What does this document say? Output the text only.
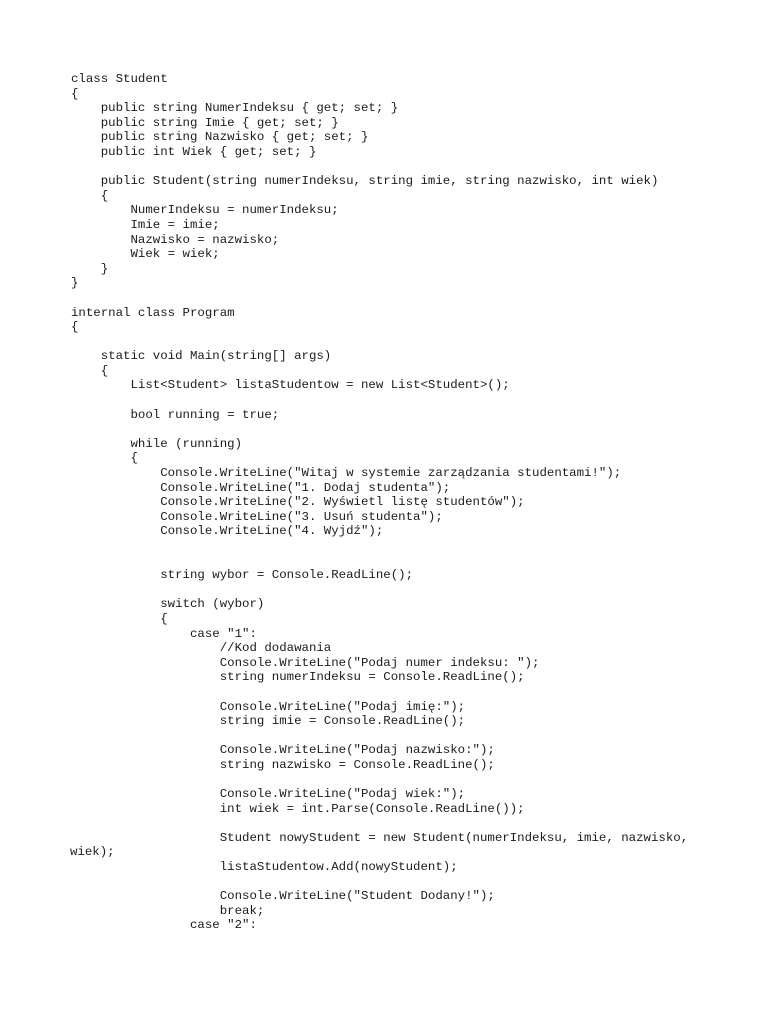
class Student
{
public string NumerIndeksu { get; set; }
public string Imie { get; set; }
public string Nazwisko { get; set; }
public int Wiek { get; set; }
public Student(string numerIndeksu, string imie, string nazwisko, int wiek)
{
NumerIndeksu = numerIndeksu;
Imie = imie;
Nazwisko = nazwisko;
Wiek = wiek;
}
}
internal class Program
{
static void Main(string[] args)
{
List<Student> listaStudentow = new List<Student>();
bool running = true;
while (running)
{
Console.WriteLine("Witaj w systemie zarządzania studentami!");
Console.WriteLine("1. Dodaj studenta");
Console.WriteLine("2. Wyświetl listę studentów");
Console.WriteLine("3. Usuń studenta");
Console.WriteLine("4. Wyjdź");
string wybor = Console.ReadLine();
switch (wybor)
{
case "1":
//Kod dodawania
Console.WriteLine("Podaj numer indeksu: ");
string numerIndeksu = Console.ReadLine();
Console.WriteLine("Podaj imię:");
string imie = Console.ReadLine();
Console.WriteLine("Podaj nazwisko:");
string nazwisko = Console.ReadLine();
Console.WriteLine("Podaj wiek:");
int wiek = int.Parse(Console.ReadLine());
Student nowyStudent = new Student(numerIndeksu, imie, nazwisko,
wiek);
listaStudentow.Add(nowyStudent);
Console.WriteLine("Student Dodany!");
break;
case "2":
